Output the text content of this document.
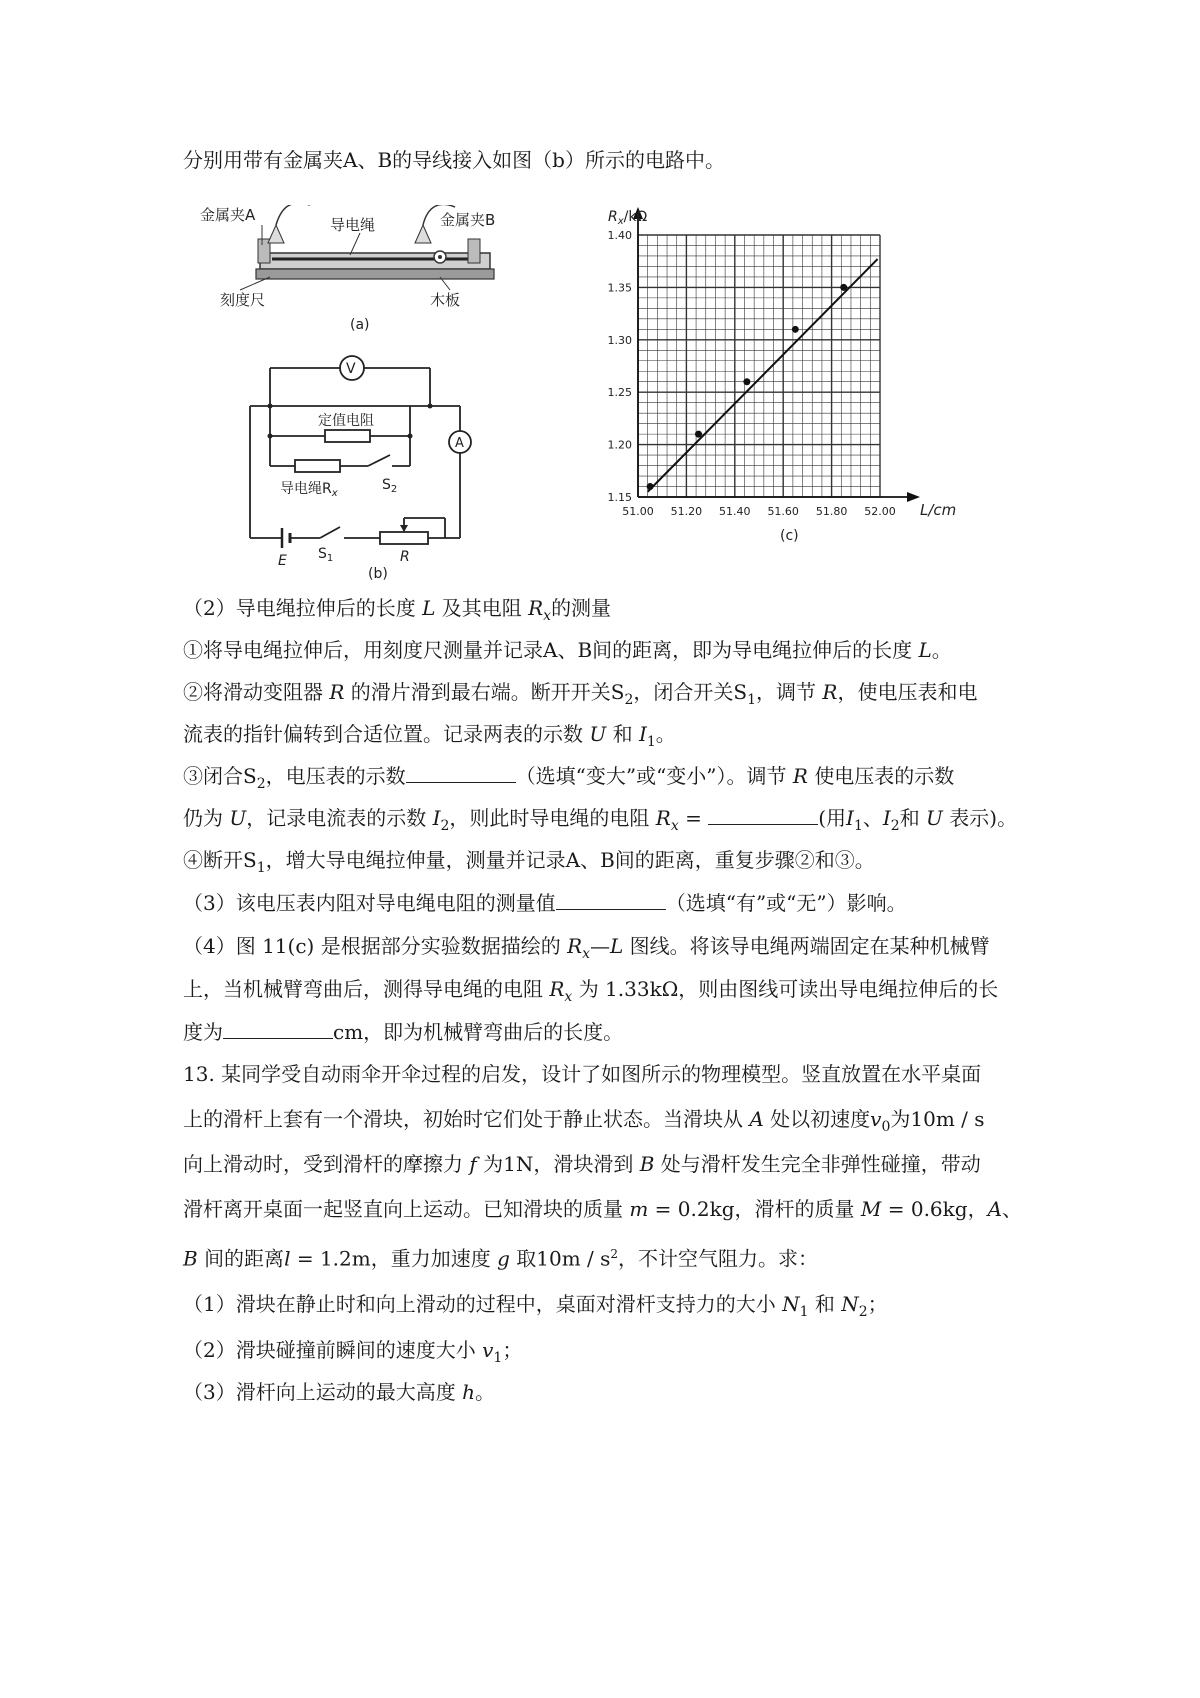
分别用带有金属夹A、B的导线接入如图（b）所示的电路中。
金属夹A	金属夹B
导电绳
刻度尺	木板
(a)
V
A
定值电阻
导电绳$R_x$
$S_2$
$S_1$
E	R
(b)
51.00 51.20 51.40 51.60 51.80 52.00
1.15
1.20
1.25
1.30
1.35
1.40
$R_x/k\Omega$
L/cm
(c)
（2）导电绳拉伸后的长度 L 及其电阻 $R_x$的测量
①将导电绳拉伸后，用刻度尺测量并记录A、B间的距离，即为导电绳拉伸后的长度 L。
②将滑动变阻器 R 的滑片滑到最右端。断开开关$S_2$，闭合开关$S_1$，调节 R，使电压表和电
流表的指针偏转到合适位置。记录两表的示数 U 和 $I_1$。
③闭合$S_2$，电压表的示数	（选填“变大”或“变小”）。调节 R 使电压表的示数
仍为 U，记录电流表的示数 $I_2$，则此时导电绳的电阻 $R_x$ =	(用$I_1$、$I_2$和 U 表示)。
④断开$S_1$，增大导电绳拉伸量，测量并记录A、B间的距离，重复步骤②和③。
（3）该电压表内阻对导电绳电阻的测量值	（选填“有”或“无”）影响。
（4）图 11(c) 是根据部分实验数据描绘的 $R_x—L$ 图线。将该导电绳两端固定在某种机械臂
上，当机械臂弯曲后，测得导电绳的电阻 $R_x$ 为 1.33kΩ，则由图线可读出导电绳拉伸后的长
度为	cm，即为机械臂弯曲后的长度。
13. 某同学受自动雨伞开伞过程的启发，设计了如图所示的物理模型。竖直放置在水平桌面
上的滑杆上套有一个滑块，初始时它们处于静止状态。当滑块从 A 处以初速度$v_0$为10m / s
向上滑动时，受到滑杆的摩擦力 f 为1N，滑块滑到 B 处与滑杆发生完全非弹性碰撞，带动
滑杆离开桌面一起竖直向上运动。已知滑块的质量 m = 0.2kg，滑杆的质量 M = 0.6kg，A、
B 间的距离l = 1.2m，重力加速度 g 取$10m / s^2$，不计空气阻力。求：
（1）滑块在静止时和向上滑动的过程中，桌面对滑杆支持力的大小 $N_1$ 和 $N_2$；
（2）滑块碰撞前瞬间的速度大小 $v_1$；
（3）滑杆向上运动的最大高度 h。
